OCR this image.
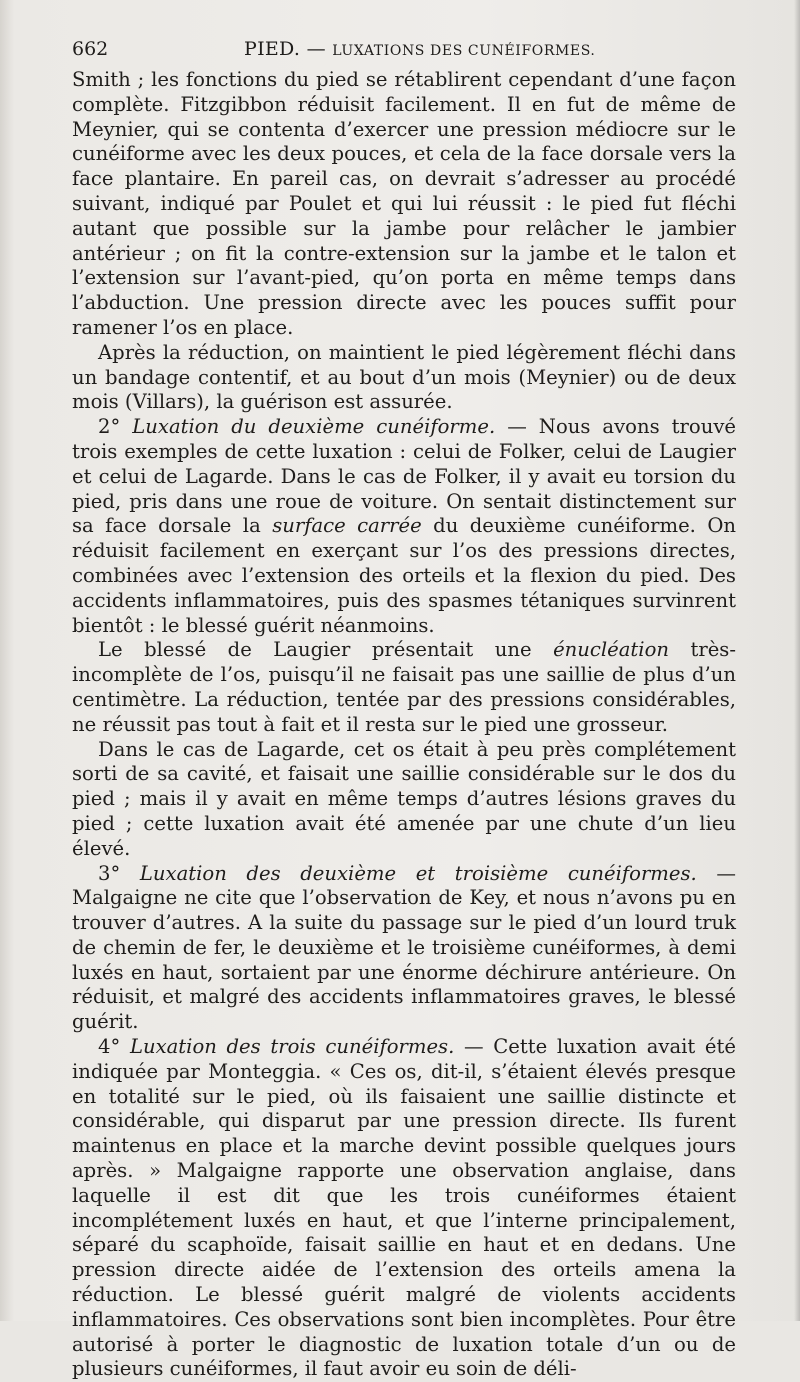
662	PIED. — LUXATIONS DES CUNÉIFORMES.

Smith ; les fonctions du pied se rétablirent cependant d’une façon complète. Fitzgibbon réduisit facilement. Il en fut de même de Meynier, qui se contenta d’exercer une pression médiocre sur le cunéiforme avec les deux pouces, et cela de la face dorsale vers la face plantaire. En pareil cas, on devrait s’adresser au procédé suivant, indiqué par Poulet et qui lui réussit : le pied fut fléchi autant que possible sur la jambe pour relâcher le jambier antérieur ; on fit la contre-extension sur la jambe et le talon et l’extension sur l’avant-pied, qu’on porta en même temps dans l’abduction. Une pression directe avec les pouces suffit pour ramener l’os en place.

Après la réduction, on maintient le pied légèrement fléchi dans un bandage contentif, et au bout d’un mois (Meynier) ou de deux mois (Villars), la guérison est assurée.

2° Luxation du deuxième cunéiforme. — Nous avons trouvé trois exemples de cette luxation : celui de Folker, celui de Laugier et celui de Lagarde. Dans le cas de Folker, il y avait eu torsion du pied, pris dans une roue de voiture. On sentait distinctement sur sa face dorsale la surface carrée du deuxième cunéiforme. On réduisit facilement en exerçant sur l’os des pressions directes, combinées avec l’extension des orteils et la flexion du pied. Des accidents inflammatoires, puis des spasmes tétaniques survinrent bientôt : le blessé guérit néanmoins.

Le blessé de Laugier présentait une énucléation très-incomplète de l’os, puisqu’il ne faisait pas une saillie de plus d’un centimètre. La réduction, tentée par des pressions considérables, ne réussit pas tout à fait et il resta sur le pied une grosseur.

Dans le cas de Lagarde, cet os était à peu près complétement sorti de sa cavité, et faisait une saillie considérable sur le dos du pied ; mais il y avait en même temps d’autres lésions graves du pied ; cette luxation avait été amenée par une chute d’un lieu élevé.

3° Luxation des deuxième et troisième cunéiformes. — Malgaigne ne cite que l’observation de Key, et nous n’avons pu en trouver d’autres. A la suite du passage sur le pied d’un lourd truk de chemin de fer, le deuxième et le troisième cunéiformes, à demi luxés en haut, sortaient par une énorme déchirure antérieure. On réduisit, et malgré des accidents inflammatoires graves, le blessé guérit.

4° Luxation des trois cunéiformes. — Cette luxation avait été indiquée par Monteggia. « Ces os, dit-il, s’étaient élevés presque en totalité sur le pied, où ils faisaient une saillie distincte et considérable, qui disparut par une pression directe. Ils furent maintenus en place et la marche devint possible quelques jours après. » Malgaigne rapporte une observation anglaise, dans laquelle il est dit que les trois cunéiformes étaient incomplétement luxés en haut, et que l’interne principalement, séparé du scaphoïde, faisait saillie en haut et en dedans. Une pression directe aidée de l’extension des orteils amena la réduction. Le blessé guérit malgré de violents accidents inflammatoires. Ces observations sont bien incomplètes. Pour être autorisé à porter le diagnostic de luxation totale d’un ou de plusieurs cunéiformes, il faut avoir eu soin de déli-
